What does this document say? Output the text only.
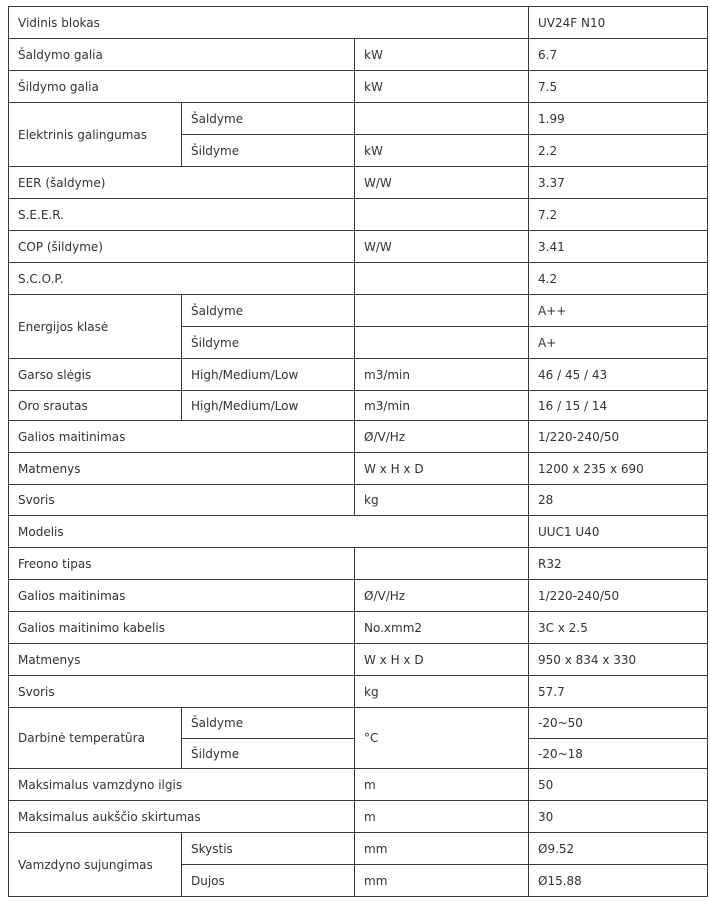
Vidinis blokas			UV24F N10
Šaldymo galia		kW	6.7
Šildymo galia		kW	7.5
Elektrinis galingumas	Šaldyme		1.99
	Šildyme	kW	2.2
EER (šaldyme)		W/W	3.37
S.E.E.R.			7.2
COP (šildyme)		W/W	3.41
S.C.O.P.			4.2
Energijos klasė	Šaldyme		A++
	Šildyme		A+
Garso slėgis	High/Medium/Low	m3/min	46 / 45 / 43
Oro srautas	High/Medium/Low	m3/min	16 / 15 / 14
Galios maitinimas		Ø/V/Hz	1/220-240/50
Matmenys		W x H x D	1200 x 235 x 690
Svoris		kg	28
Modelis			UUC1 U40
Freono tipas			R32
Galios maitinimas		Ø/V/Hz	1/220-240/50
Galios maitinimo kabelis		No.xmm2	3C x 2.5
Matmenys		W x H x D	950 x 834 x 330
Svoris		kg	57.7
Darbinė temperatūra	Šaldyme	°C	-20~50
	Šildyme		-20~18
Maksimalus vamzdyno ilgis		m	50
Maksimalus aukščio skirtumas		m	30
Vamzdyno sujungimas	Skystis	mm	Ø9.52
	Dujos	mm	Ø15.88
